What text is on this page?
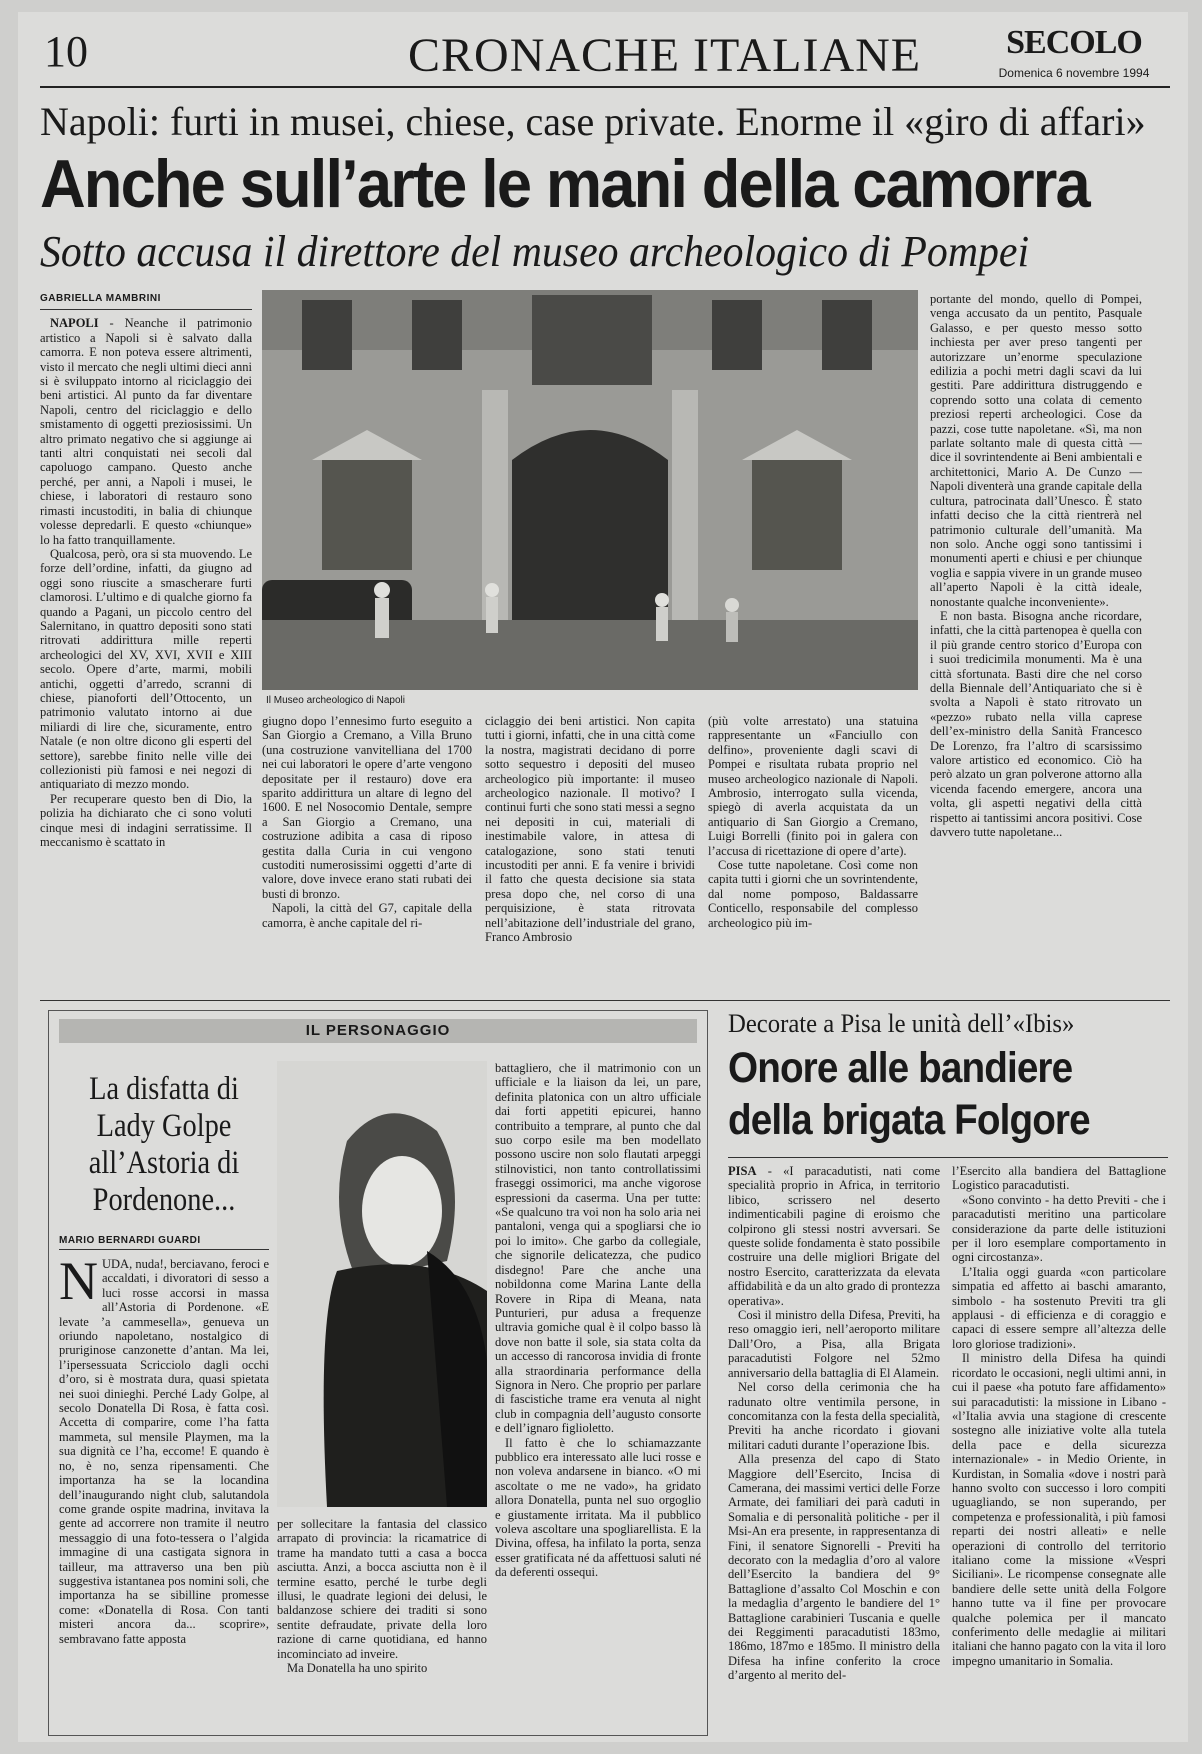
10	CRONACHE ITALIANE	SECOLO
Domenica 6 novembre 1994
Napoli: furti in musei, chiese, case private. Enorme il «giro di affari»
Anche sull’arte le mani della camorra
Sotto accusa il direttore del museo archeologico di Pompei
GABRIELLA MAMBRINI

NAPOLI - Neanche il patrimonio artistico a Napoli si è salvato dalla camorra. E non poteva essere altrimenti, visto il mercato che negli ultimi dieci anni si è sviluppato intorno al riciclaggio dei beni artistici. Al punto da far diventare Napoli, centro del riciclaggio e dello smistamento di oggetti preziosissimi. Un altro primato negativo che si aggiunge ai tanti altri conquistati nei secoli dal capoluogo campano. Questo anche perché, per anni, a Napoli i musei, le chiese, i laboratori di restauro sono rimasti incustoditi, in balia di chiunque volesse depredarli. E questo «chiunque» lo ha fatto tranquillamente.

Qualcosa, però, ora si sta muovendo. Le forze dell’ordine, infatti, da giugno ad oggi sono riuscite a smascherare furti clamorosi. L’ultimo e di qualche giorno fa quando a Pagani, un piccolo centro del Salernitano, in quattro depositi sono stati ritrovati addirittura mille reperti archeologici del XV, XVI, XVII e XIII secolo. Opere d’arte, marmi, mobili antichi, oggetti d’arredo, scranni di chiese, pianoforti dell’Ottocento, un patrimonio valutato intorno ai due miliardi di lire che, sicuramente, entro Natale (e non oltre dicono gli esperti del settore), sarebbe finito nelle ville dei collezionisti più famosi e nei negozi di antiquariato di mezzo mondo.

Per recuperare questo ben di Dio, la polizia ha dichiarato che ci sono voluti cinque mesi di indagini serratissime. Il meccanismo è scattato in

Il Museo archeologico di Napoli

giugno dopo l’ennesimo furto eseguito a San Giorgio a Cremano, a Villa Bruno (una costruzione vanvitelliana del 1700 nei cui laboratori le opere d’arte vengono depositate per il restauro) dove era sparito addirittura un altare di legno del 1600. E nel Nosocomio Dentale, sempre a San Giorgio a Cremano, una costruzione adibita a casa di riposo gestita dalla Curia in cui vengono custoditi numerosissimi oggetti d’arte di valore, dove invece erano stati rubati dei busti di bronzo.

Napoli, la città del G7, capitale della camorra, è anche capitale del ri-

ciclaggio dei beni artistici. Non capita tutti i giorni, infatti, che in una città come la nostra, magistrati decidano di porre sotto sequestro i depositi del museo archeologico più importante: il museo archeologico nazionale. Il motivo? I continui furti che sono stati messi a segno nei depositi in cui, materiali di inestimabile valore, in attesa di catalogazione, sono stati tenuti incustoditi per anni. E fa venire i brividi il fatto che questa decisione sia stata presa dopo che, nel corso di una perquisizione, è stata ritrovata nell’abitazione dell’industriale del grano, Franco Ambrosio

(più volte arrestato) una statuina rappresentante un «Fanciullo con delfino», proveniente dagli scavi di Pompei e risultata rubata proprio nel museo archeologico nazionale di Napoli. Ambrosio, interrogato sulla vicenda, spiegò di averla acquistata da un antiquario di San Giorgio a Cremano, Luigi Borrelli (finito poi in galera con l’accusa di ricettazione di opere d’arte).

Cose tutte napoletane. Così come non capita tutti i giorni che un sovrintendente, dal nome pomposo, Baldassarre Conticello, responsabile del complesso archeologico più im-

portante del mondo, quello di Pompei, venga accusato da un pentito, Pasquale Galasso, e per questo messo sotto inchiesta per aver preso tangenti per autorizzare un’enorme speculazione edilizia a pochi metri dagli scavi da lui gestiti. Pare addirittura distruggendo e coprendo sotto una colata di cemento preziosi reperti archeologici. Cose da pazzi, cose tutte napoletane. «Sì, ma non parlate soltanto male di questa città — dice il sovrintendente ai Beni ambientali e architettonici, Mario A. De Cunzo — Napoli diventerà una grande capitale della cultura, patrocinata dall’Unesco. È stato infatti deciso che la città rientrerà nel patrimonio culturale dell’umanità. Ma non solo. Anche oggi sono tantissimi i monumenti aperti e chiusi e per chiunque voglia e sappia vivere in un grande museo all’aperto Napoli è la città ideale, nonostante qualche inconveniente».

E non basta. Bisogna anche ricordare, infatti, che la città partenopea è quella con il più grande centro storico d’Europa con i suoi tredicimila monumenti. Ma è una città sfortunata. Basti dire che nel corso della Biennale dell’Antiquariato che si è svolta a Napoli è stato ritrovato un «pezzo» rubato nella villa caprese dell’ex-ministro della Sanità Francesco De Lorenzo, fra l’altro di scarsissimo valore artistico ed economico. Ciò ha però alzato un gran polverone attorno alla vicenda facendo emergere, ancora una volta, gli aspetti negativi della città rispetto ai tantissimi ancora positivi. Cose davvero tutte napoletane...

IL PERSONAGGIO
La disfatta di Lady Golpe all’Astoria di Pordenone...
MARIO BERNARDI GUARDI

NUDA, nuda!, berciavano, feroci e accaldati, i divoratori di sesso a luci rosse accorsi in massa all’Astoria di Pordenone. «E levate ’a cammesella», genueva un oriundo napoletano, nostalgico di pruriginose canzonette d’antan. Ma lei, l’ipersessuata Scricciolo dagli occhi d’oro, si è mostrata dura, quasi spietata nei suoi dinieghi. Perché Lady Golpe, al secolo Donatella Di Rosa, è fatta così. Accetta di comparire, come l’ha fatta mammeta, sul mensile Playmen, ma la sua dignità ce l’ha, eccome! E quando è no, è no, senza ripensamenti. Che importanza ha se la locandina dell’inaugurando night club, salutandola come grande ospite madrina, invitava la gente ad accorrere non tramite il neutro messaggio di una foto-tessera o l’algida immagine di una castigata signora in tailleur, ma attraverso una ben più suggestiva istantanea pos nomini soli, che importanza ha se sibilline promesse come: «Donatella di Rosa. Con tanti misteri ancora da... scoprire», sembravano fatte apposta

per sollecitare la fantasia del classico arrapato di provincia: la ricamatrice di trame ha mandato tutti a casa a bocca asciutta. Anzi, a bocca asciutta non è il termine esatto, perché le turbe degli illusi, le quadrate legioni dei delusi, le baldanzose schiere dei traditi si sono sentite defraudate, private della loro razione di carne quotidiana, ed hanno incominciato ad inveire.

Ma Donatella ha uno spirito

battagliero, che il matrimonio con un ufficiale e la liaison da lei, un pare, definita platonica con un altro ufficiale dai forti appetiti epicurei, hanno contribuito a temprare, al punto che dal suo corpo esile ma ben modellato possono uscire non solo flautati arpeggi stilnovistici, non tanto controllatissimi fraseggi ossimorici, ma anche vigorose espressioni da caserma. Una per tutte: «Se qualcuno tra voi non ha solo aria nei pantaloni, venga qui a spogliarsi che io poi lo imito». Che garbo da collegiale, che signorile delicatezza, che pudico disdegno! Pare che anche una nobildonna come Marina Lante della Rovere in Ripa di Meana, nata Punturieri, pur adusa a frequenze ultravia gomiche qual è il colpo basso là dove non batte il sole, sia stata colta da un accesso di rancorosa invidia di fronte alla straordinaria performance della Signora in Nero. Che proprio per parlare di fascistiche trame era venuta al night club in compagnia dell’augusto consorte e dell’ignaro figlioletto.

Il fatto è che lo schiamazzante pubblico era interessato alle luci rosse e non voleva andarsene in bianco. «O mi ascoltate o me ne vado», ha gridato allora Donatella, punta nel suo orgoglio e giustamente irritata. Ma il pubblico voleva ascoltare una spogliarellista. E la Divina, offesa, ha infilato la porta, senza esser gratificata né da affettuosi saluti né da deferenti ossequi.

Decorate a Pisa le unità dell’«Ibis»
Onore alle bandiere della brigata Folgore

PISA - «I paracadutisti, nati come specialità proprio in Africa, in territorio libico, scrissero nel deserto indimenticabili pagine di eroismo che colpirono gli stessi nostri avversari. Se queste solide fondamenta è stato possibile costruire una delle migliori Brigate del nostro Esercito, caratterizzata da elevata affidabilità e da un alto grado di prontezza operativa».

Così il ministro della Difesa, Previti, ha reso omaggio ieri, nell’aeroporto militare Dall’Oro, a Pisa, alla Brigata paracadutisti Folgore nel 52mo anniversario della battaglia di El Alamein.

Nel corso della cerimonia che ha radunato oltre ventimila persone, in concomitanza con la festa della specialità, Previti ha anche ricordato i giovani militari caduti durante l’operazione Ibis.

Alla presenza del capo di Stato Maggiore dell’Esercito, Incisa di Camerana, dei massimi vertici delle Forze Armate, dei familiari dei parà caduti in Somalia e di personalità politiche - per il Msi-An era presente, in rappresentanza di Fini, il senatore Signorelli - Previti ha decorato con la medaglia d’oro al valore dell’Esercito la bandiera del 9° Battaglione d’assalto Col Moschin e con la medaglia d’argento le bandiere del 1° Battaglione carabinieri Tuscania e quelle dei Reggimenti paracadutisti 183mo, 186mo, 187mo e 185mo. Il ministro della Difesa ha infine conferito la croce d’argento al merito del-

l’Esercito alla bandiera del Battaglione Logistico paracadutisti.

«Sono convinto - ha detto Previti - che i paracadutisti meritino una particolare considerazione da parte delle istituzioni per il loro esemplare comportamento in ogni circostanza».

L’Italia oggi guarda «con particolare simpatia ed affetto ai baschi amaranto, simbolo - ha sostenuto Previti tra gli applausi - di efficienza e di coraggio e capaci di essere sempre all’altezza delle loro gloriose tradizioni».

Il ministro della Difesa ha quindi ricordato le occasioni, negli ultimi anni, in cui il paese «ha potuto fare affidamento» sui paracadutisti: la missione in Libano - «l’Italia avvia una stagione di crescente sostegno alle iniziative volte alla tutela della pace e della sicurezza internazionale» - in Medio Oriente, in Kurdistan, in Somalia «dove i nostri parà hanno svolto con successo i loro compiti uguagliando, se non superando, per competenza e professionalità, i più famosi reparti dei nostri alleati» e nelle operazioni di controllo del territorio italiano come la missione «Vespri Siciliani». Le ricompense consegnate alle bandiere delle sette unità della Folgore hanno tutte va il fine per provocare qualche polemica per il mancato conferimento delle medaglie ai militari italiani che hanno pagato con la vita il loro impegno umanitario in Somalia.
